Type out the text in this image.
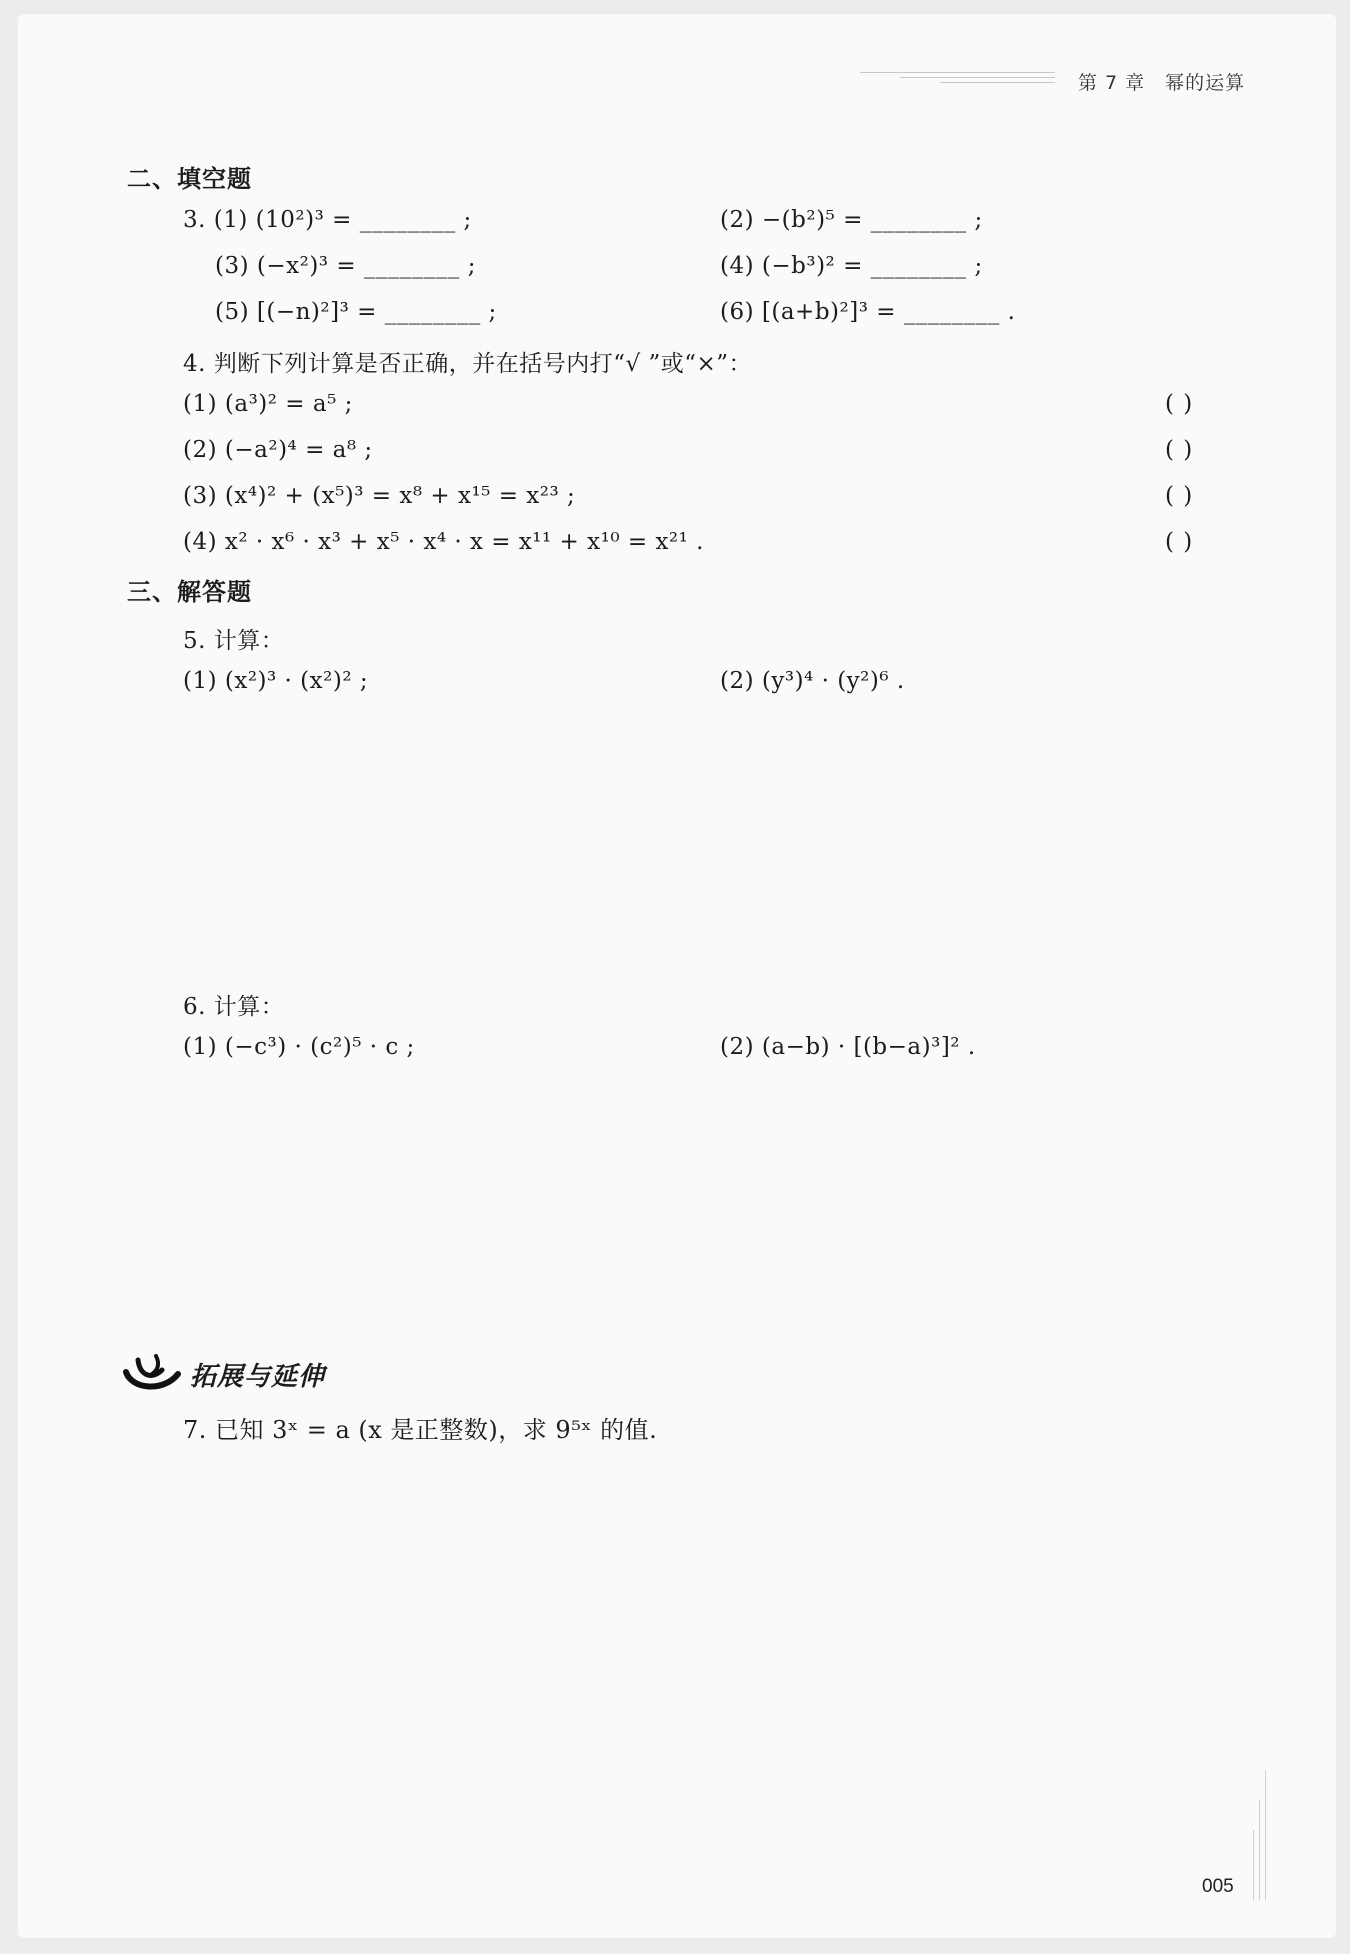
第 7 章　幂的运算
二、填空题
3. (1) (10²)³ = ________ ;	(2) −(b²)⁵ = ________ ;
(3) (−x²)³ = ________ ;	(4) (−b³)² = ________ ;
(5) [(−n)²]³ = ________ ;	(6) [(a+b)²]³ = ________ .
4. 判断下列计算是否正确，并在括号内打“√ ”或“×”：
(1) (a³)² = a⁵ ;	( )
(2) (−a²)⁴ = a⁸ ;	( )
(3) (x⁴)² + (x⁵)³ = x⁸ + x¹⁵ = x²³ ;	( )
(4) x² · x⁶ · x³ + x⁵ · x⁴ · x = x¹¹ + x¹⁰ = x²¹ .	( )
三、解答题
5. 计算：
(1) (x²)³ · (x²)² ;	(2) (y³)⁴ · (y²)⁶ .
6. 计算：
(1) (−c³) · (c²)⁵ · c ;	(2) (a−b) · [(b−a)³]² .
拓展与延伸
7. 已知 3ˣ = a (x 是正整数)，求 9⁵ˣ 的值.
005
